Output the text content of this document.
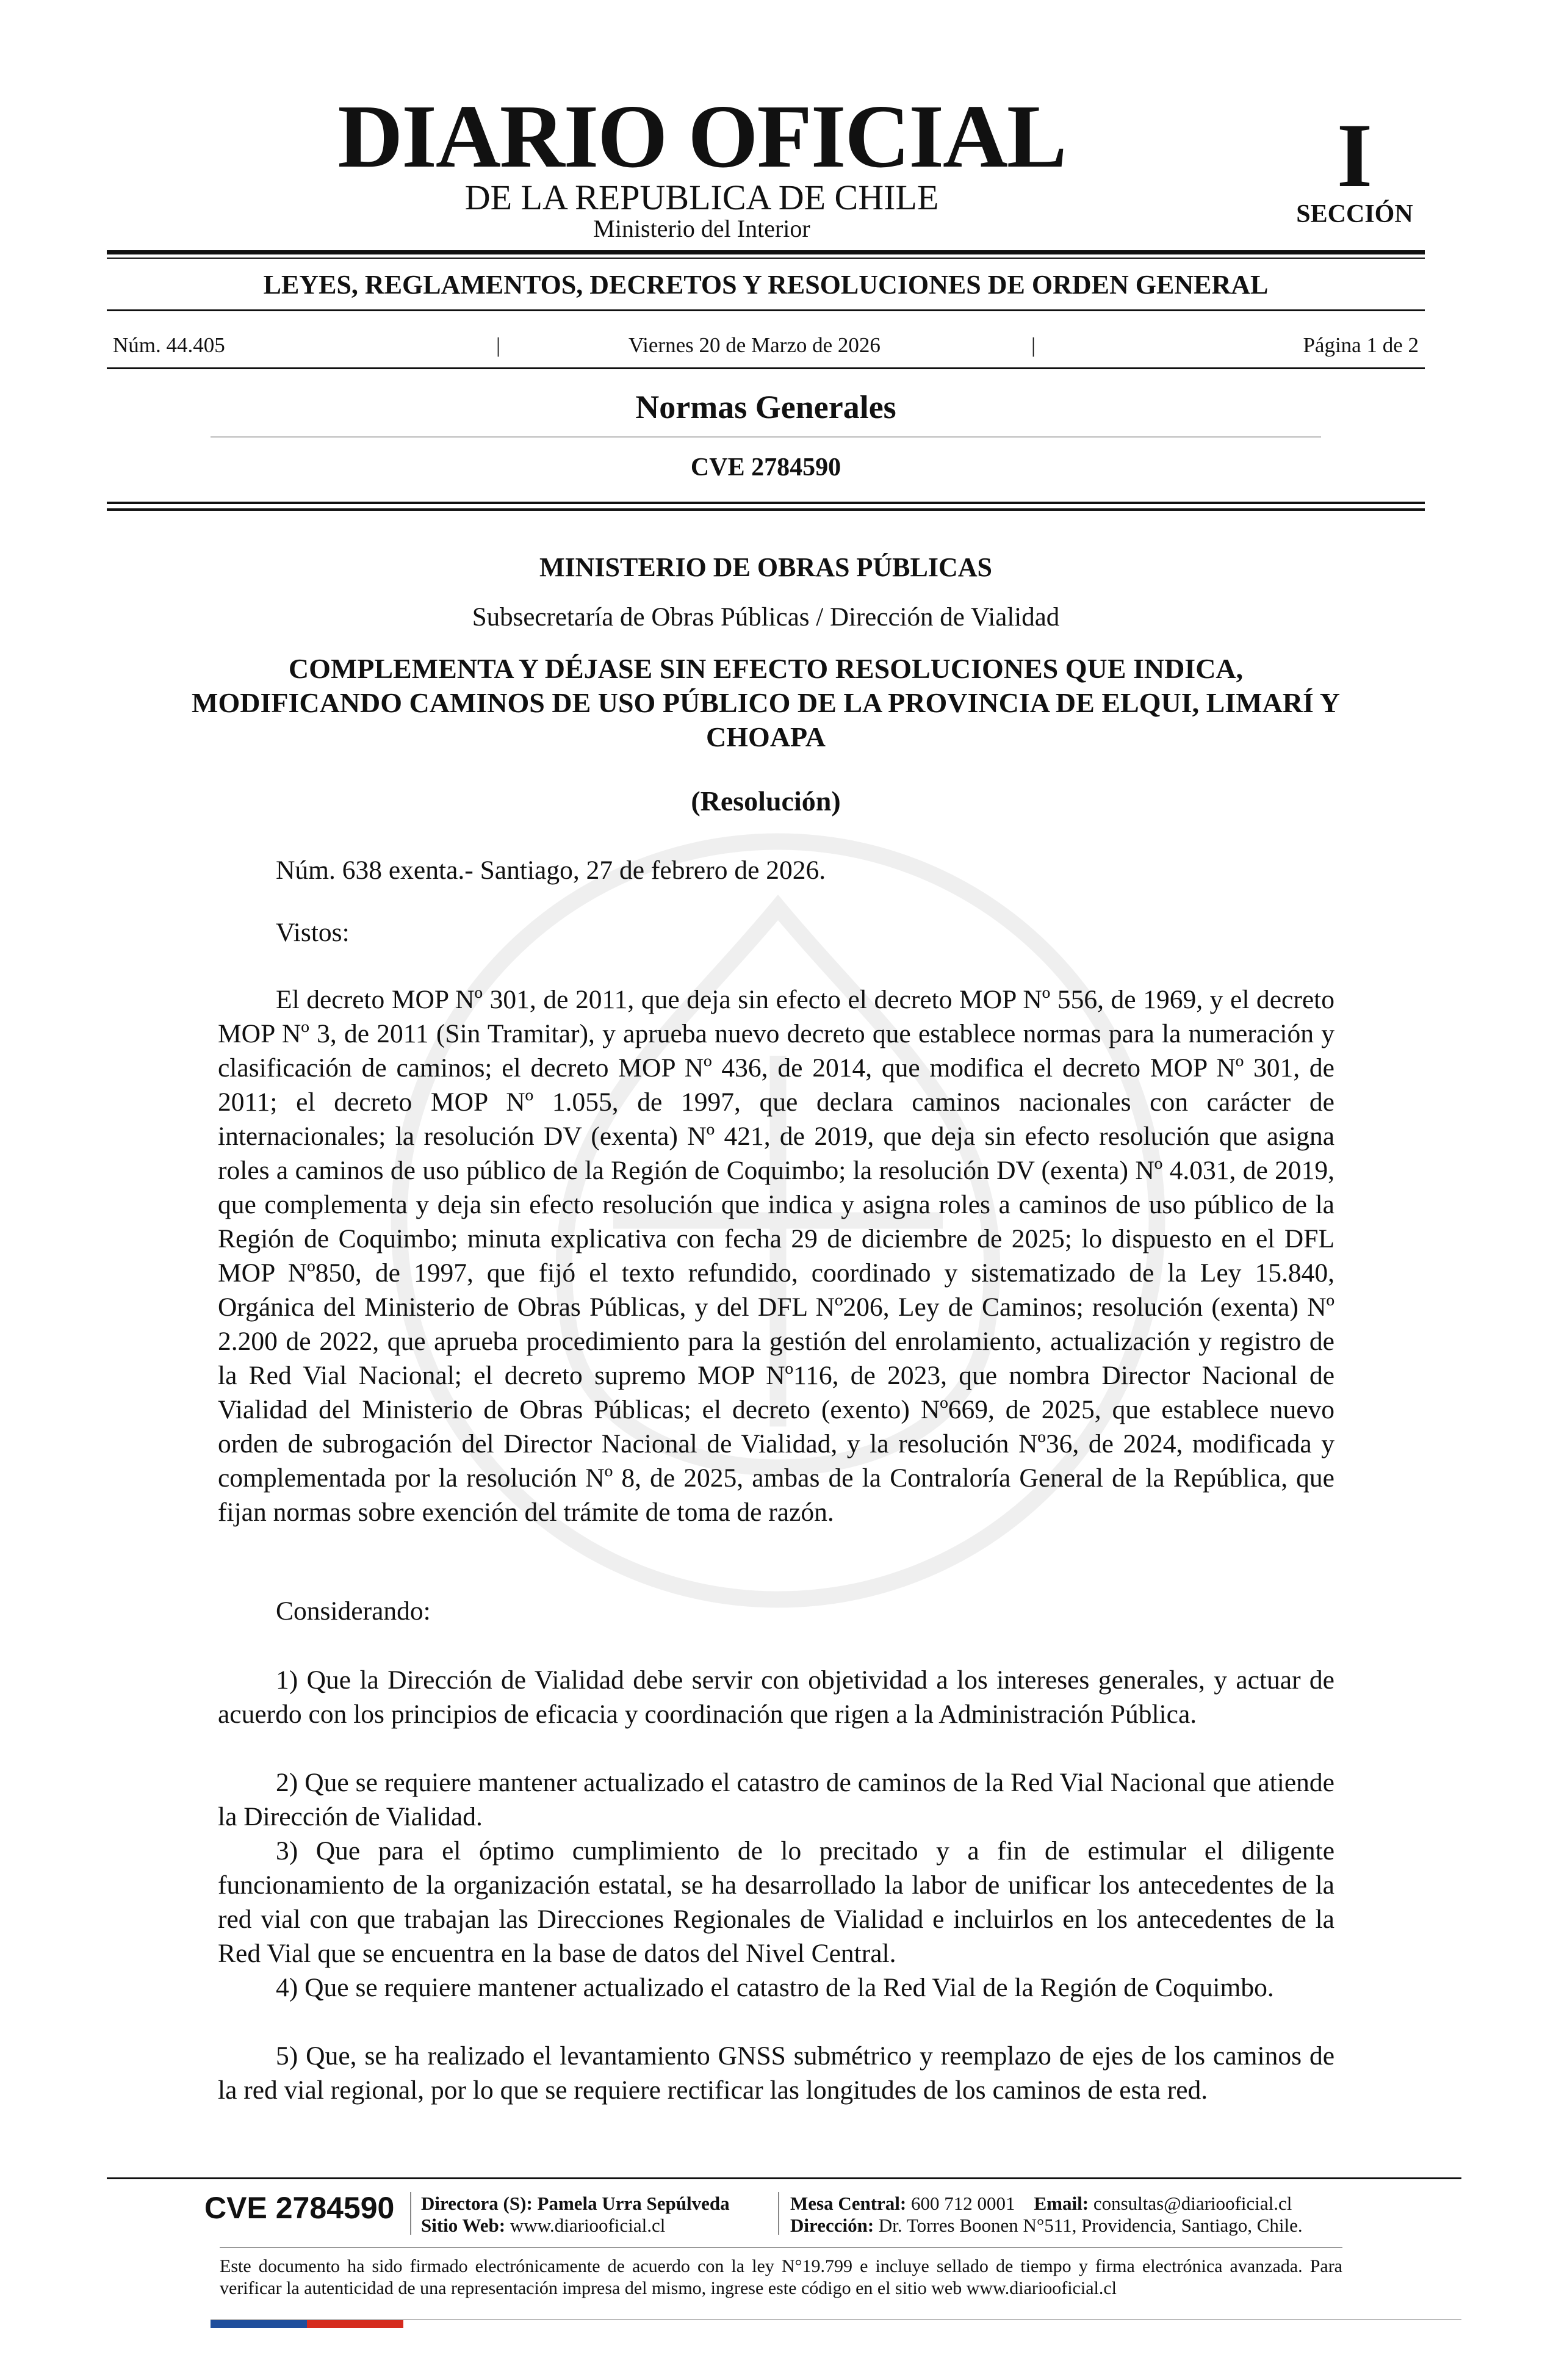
DIARIO OFICIAL
DE LA REPUBLICA DE CHILE
Ministerio del Interior
I
SECCIÓN
LEYES, REGLAMENTOS, DECRETOS Y RESOLUCIONES DE ORDEN GENERAL
Núm. 44.405	|	Viernes 20 de Marzo de 2026	|	Página 1 de 2
Normas Generales
CVE 2784590
MINISTERIO DE OBRAS PÚBLICAS
Subsecretaría de Obras Públicas / Dirección de Vialidad
COMPLEMENTA Y DÉJASE SIN EFECTO RESOLUCIONES QUE INDICA, MODIFICANDO CAMINOS DE USO PÚBLICO DE LA PROVINCIA DE ELQUI, LIMARÍ Y CHOAPA
(Resolución)
Núm. 638 exenta.- Santiago, 27 de febrero de 2026.
Vistos:
El decreto MOP Nº 301, de 2011, que deja sin efecto el decreto MOP Nº 556, de 1969, y el decreto MOP Nº 3, de 2011 (Sin Tramitar), y aprueba nuevo decreto que establece normas para la numeración y clasificación de caminos; el decreto MOP Nº 436, de 2014, que modifica el decreto MOP Nº 301, de 2011; el decreto MOP Nº 1.055, de 1997, que declara caminos nacionales con carácter de internacionales; la resolución DV (exenta) Nº 421, de 2019, que deja sin efecto resolución que asigna roles a caminos de uso público de la Región de Coquimbo; la resolución DV (exenta) Nº 4.031, de 2019, que complementa y deja sin efecto resolución que indica y asigna roles a caminos de uso público de la Región de Coquimbo; minuta explicativa con fecha 29 de diciembre de 2025; lo dispuesto en el DFL MOP Nº850, de 1997, que fijó el texto refundido, coordinado y sistematizado de la Ley 15.840, Orgánica del Ministerio de Obras Públicas, y del DFL Nº206, Ley de Caminos; resolución (exenta) Nº 2.200 de 2022, que aprueba procedimiento para la gestión del enrolamiento, actualización y registro de la Red Vial Nacional; el decreto supremo MOP Nº116, de 2023, que nombra Director Nacional de Vialidad del Ministerio de Obras Públicas; el decreto (exento) Nº669, de 2025, que establece nuevo orden de subrogación del Director Nacional de Vialidad, y la resolución Nº36, de 2024, modificada y complementada por la resolución Nº 8, de 2025, ambas de la Contraloría General de la República, que fijan normas sobre exención del trámite de toma de razón.
Considerando:
1) Que la Dirección de Vialidad debe servir con objetividad a los intereses generales, y actuar de acuerdo con los principios de eficacia y coordinación que rigen a la Administración Pública.
2) Que se requiere mantener actualizado el catastro de caminos de la Red Vial Nacional que atiende la Dirección de Vialidad.
3) Que para el óptimo cumplimiento de lo precitado y a fin de estimular el diligente funcionamiento de la organización estatal, se ha desarrollado la labor de unificar los antecedentes de la red vial con que trabajan las Direcciones Regionales de Vialidad e incluirlos en los antecedentes de la Red Vial que se encuentra en la base de datos del Nivel Central.
4) Que se requiere mantener actualizado el catastro de la Red Vial de la Región de Coquimbo.
5) Que, se ha realizado el levantamiento GNSS submétrico y reemplazo de ejes de los caminos de la red vial regional, por lo que se requiere rectificar las longitudes de los caminos de esta red.
CVE 2784590	Directora (S): Pamela Urra Sepúlveda
Sitio Web: www.diariooficial.cl
Mesa Central: 600 712 0001 Email: consultas@diariooficial.cl
Dirección: Dr. Torres Boonen N°511, Providencia, Santiago, Chile.
Este documento ha sido firmado electrónicamente de acuerdo con la ley N°19.799 e incluye sellado de tiempo y firma electrónica avanzada. Para verificar la autenticidad de una representación impresa del mismo, ingrese este código en el sitio web www.diariooficial.cl
